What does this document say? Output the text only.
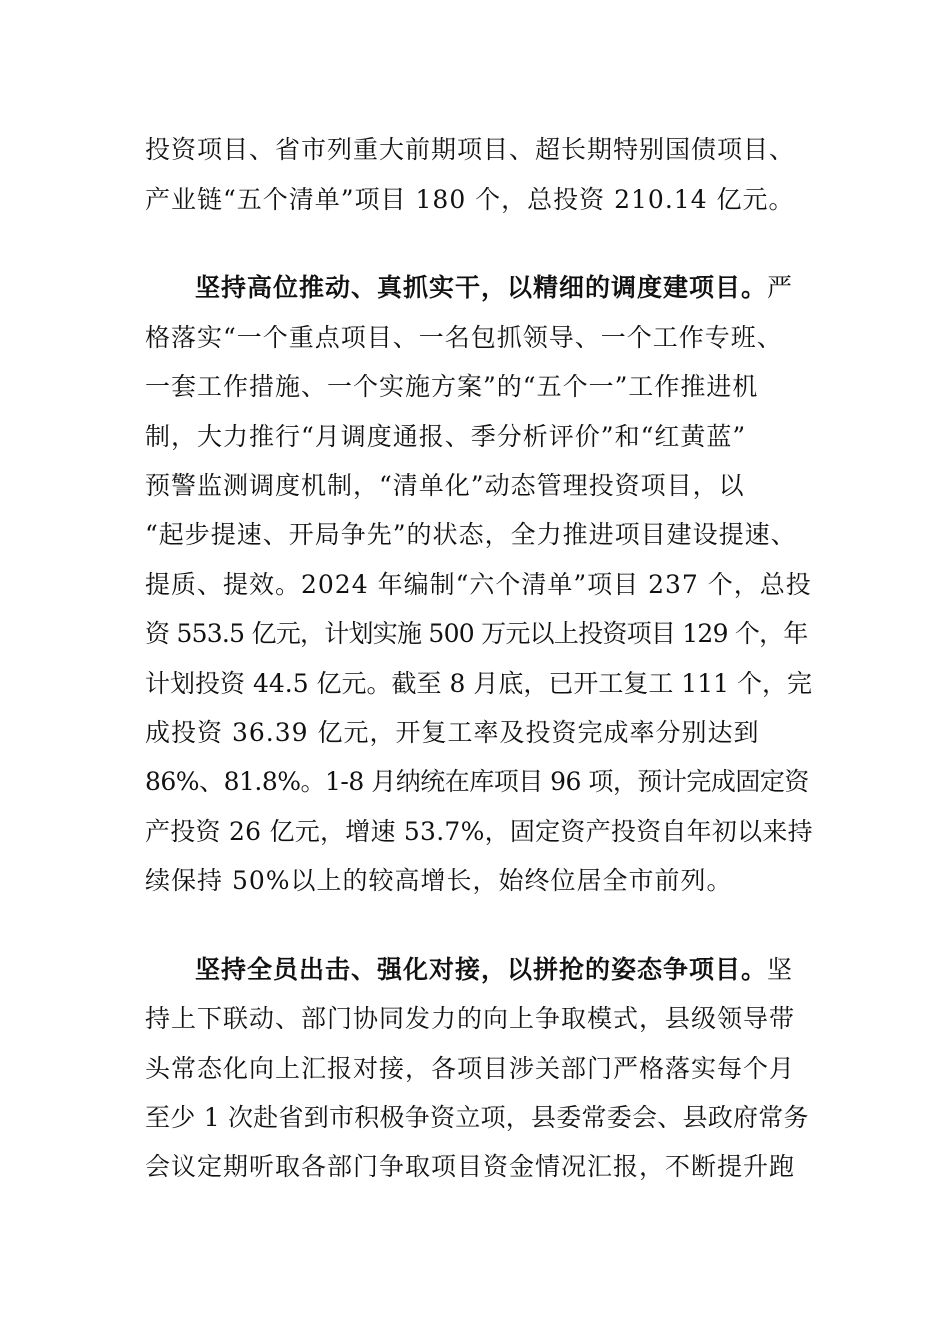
投资项目、省市列重大前期项目、超长期特别国债项目、
产业链“五个清单”项目 180 个，总投资 210.14 亿元。
坚持高位推动、真抓实干，以精细的调度建项目。严
格落实“一个重点项目、一名包抓领导、一个工作专班、
一套工作措施、一个实施方案”的“五个一”工作推进机
制，大力推行“月调度通报、季分析评价”和“红黄蓝”
预警监测调度机制，“清单化”动态管理投资项目，以
“起步提速、开局争先”的状态，全力推进项目建设提速、
提质、提效。2024 年编制“六个清单”项目 237 个，总投
资 553.5 亿元，计划实施 500 万元以上投资项目 129 个，年
计划投资 44.5 亿元。截至 8 月底，已开工复工 111 个，完
成投资 36.39 亿元，开复工率及投资完成率分别达到
86%、81.8%。1-8 月纳统在库项目 96 项，预计完成固定资
产投资 26 亿元，增速 53.7%，固定资产投资自年初以来持
续保持 50%以上的较高增长，始终位居全市前列。
坚持全员出击、强化对接，以拼抢的姿态争项目。坚
持上下联动、部门协同发力的向上争取模式，县级领导带
头常态化向上汇报对接，各项目涉关部门严格落实每个月
至少 1 次赴省到市积极争资立项，县委常委会、县政府常务
会议定期听取各部门争取项目资金情况汇报，不断提升跑
